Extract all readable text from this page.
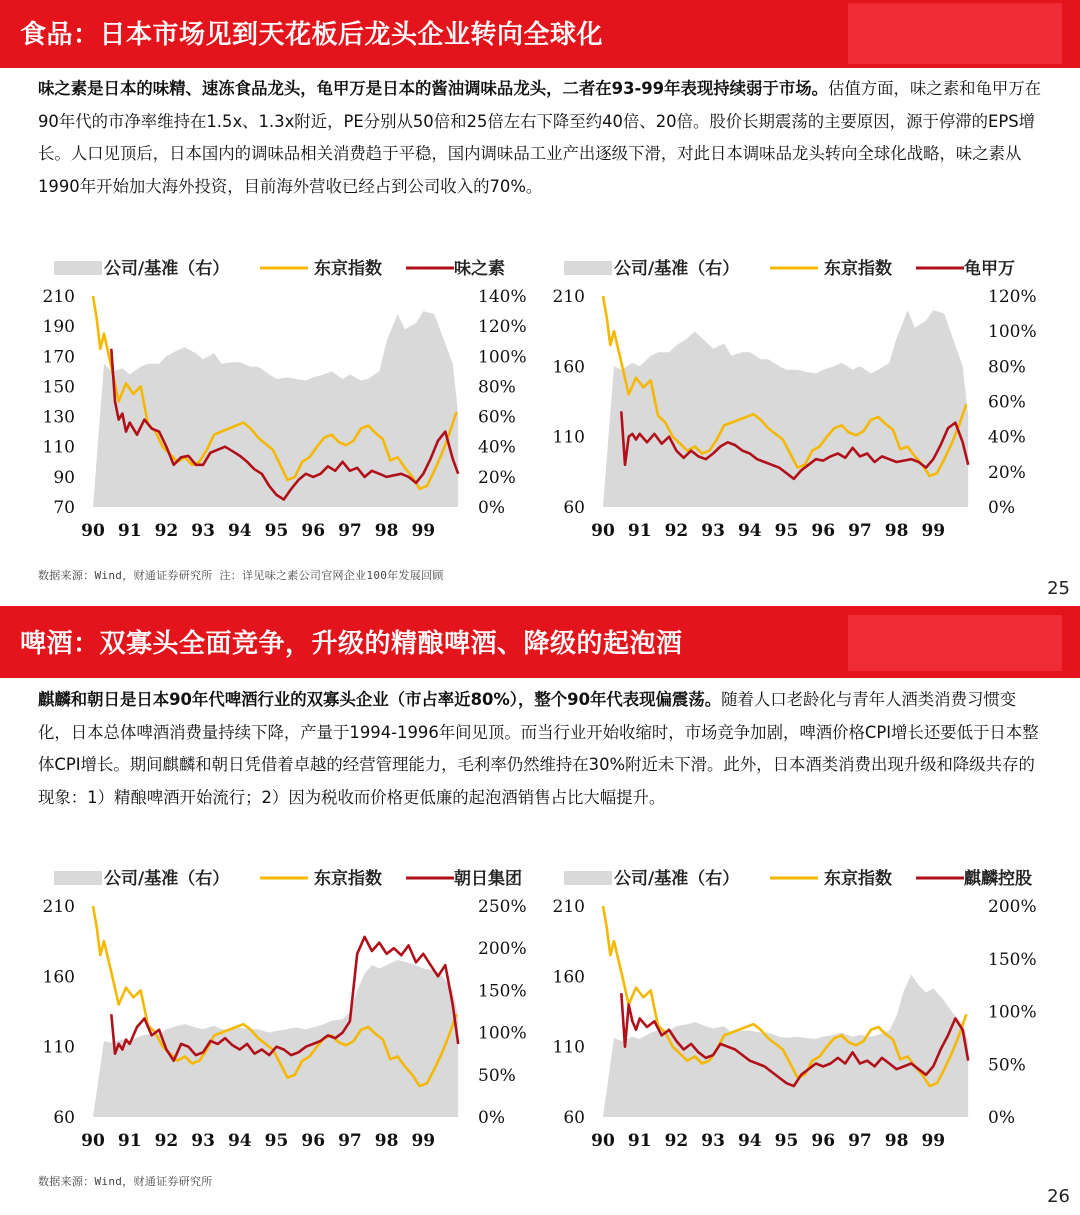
食品：日本市场见到天花板后龙头企业转向全球化
味之素是日本的味精、速冻食品龙头，龟甲万是日本的酱油调味品龙头，二者在93-99年表现持续弱于市场。估值方面，味之素和龟甲万在90年代的市净率维持在1.5x、1.3x附近，PE分别从50倍和25倍左右下降至约40倍、20倍。股价长期震荡的主要原因，源于停滞的EPS增长。人口见顶后，日本国内的调味品相关消费趋于平稳，国内调味品工业产出逐级下滑，对此日本调味品龙头转向全球化战略，味之素从1990年开始加大海外投资，目前海外营收已经占到公司收入的70%。
公司/基准（右）	东京指数	味之素
210
190
170
150
130
110
90
70
140%
120%
100%
80%
60%
40%
20%
0%
90 91 92 93 94 95 96 97 98 99
公司/基准（右）	东京指数	龟甲万
210
160
110
60
120%
100%
80%
60%
40%
20%
0%
90 91 92 93 94 95 96 97 98 99
数据来源：Wind，财通证券研究所 注：详见味之素公司官网企业100年发展回顾
25
啤酒：双寡头全面竞争，升级的精酿啤酒、降级的起泡酒
麒麟和朝日是日本90年代啤酒行业的双寡头企业（市占率近80%），整个90年代表现偏震荡。随着人口老龄化与青年人酒类消费习惯变化，日本总体啤酒消费量持续下降，产量于1994-1996年间见顶。而当行业开始收缩时，市场竞争加剧，啤酒价格CPI增长还要低于日本整体CPI增长。期间麒麟和朝日凭借着卓越的经营管理能力，毛利率仍然维持在30%附近未下滑。此外，日本酒类消费出现升级和降级共存的现象：1）精酿啤酒开始流行；2）因为税收而价格更低廉的起泡酒销售占比大幅提升。
公司/基准（右）	东京指数	朝日集团
210
160
110
60
250%
200%
150%
100%
50%
0%
90 91 92 93 94 95 96 97 98 99
公司/基准（右）	东京指数	麒麟控股
210
160
110
60
200%
150%
100%
50%
0%
90 91 92 93 94 95 96 97 98 99
数据来源：Wind，财通证券研究所
26
